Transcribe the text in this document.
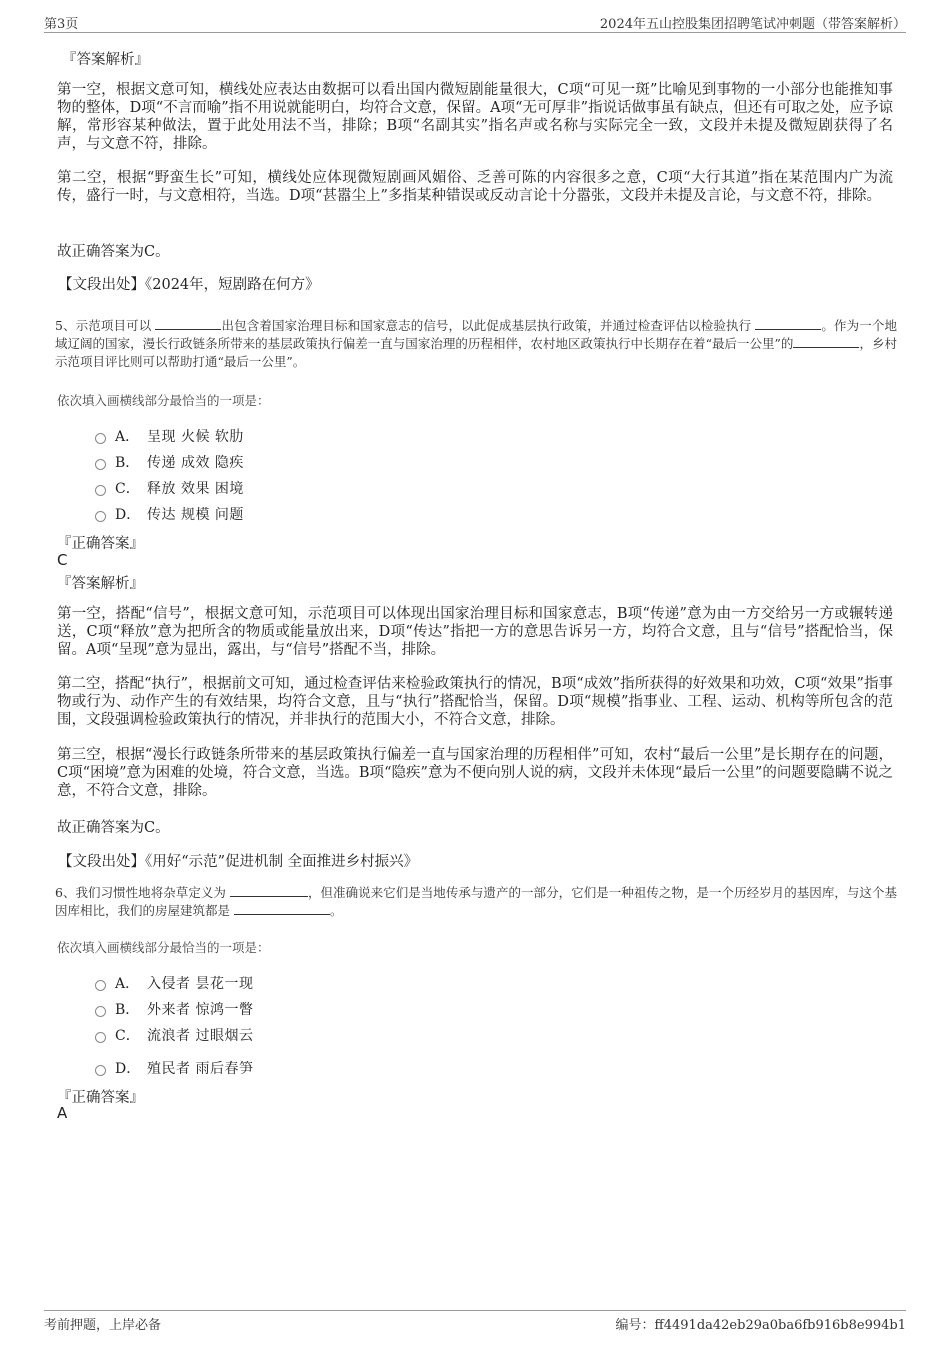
第3页	2024年五山控股集团招聘笔试冲刺题（带答案解析）
『答案解析』
第一空，根据文意可知，横线处应表达由数据可以看出国内微短剧能量很大，C项“可见一斑”比喻见到事物的一小部分也能推知事物的整体，D项“不言而喻”指不用说就能明白，均符合文意，保留。A项“无可厚非”指说话做事虽有缺点，但还有可取之处，应予谅解，常形容某种做法，置于此处用法不当，排除；B项“名副其实”指名声或名称与实际完全一致，文段并未提及微短剧获得了名声，与文意不符，排除。
第二空，根据“野蛮生长”可知，横线处应体现微短剧画风媚俗、乏善可陈的内容很多之意，C项“大行其道”指在某范围内广为流传，盛行一时，与文意相符，当选。D项“甚嚣尘上”多指某种错误或反动言论十分嚣张，文段并未提及言论，与文意不符，排除。
故正确答案为C。
【文段出处】《2024年，短剧路在何方》
5、示范项目可以	出包含着国家治理目标和国家意志的信号，以此促成基层执行政策，并通过检查评估以检验执行	。作为一个地域辽阔的国家，漫长行政链条所带来的基层政策执行偏差一直与国家治理的历程相伴，农村地区政策执行中长期存在着“最后一公里”的	，乡村示范项目评比则可以帮助打通“最后一公里”。
依次填入画横线部分最恰当的一项是：
A． 呈现 火候 软肋
B． 传递 成效 隐疾
C． 释放 效果 困境
D． 传达 规模 问题
『正确答案』
C
『答案解析』
第一空，搭配“信号”，根据文意可知，示范项目可以体现出国家治理目标和国家意志，B项“传递”意为由一方交给另一方或辗转递送，C项“释放”意为把所含的物质或能量放出来，D项“传达”指把一方的意思告诉另一方，均符合文意，且与“信号”搭配恰当，保留。A项“呈现”意为显出，露出，与“信号”搭配不当，排除。
第二空，搭配“执行”，根据前文可知，通过检查评估来检验政策执行的情况，B项“成效”指所获得的好效果和功效，C项“效果”指事物或行为、动作产生的有效结果，均符合文意，且与“执行”搭配恰当，保留。D项“规模”指事业、工程、运动、机构等所包含的范围，文段强调检验政策执行的情况，并非执行的范围大小，不符合文意，排除。
第三空，根据“漫长行政链条所带来的基层政策执行偏差一直与国家治理的历程相伴”可知，农村“最后一公里”是长期存在的问题，C项“困境”意为困难的处境，符合文意，当选。B项“隐疾”意为不便向别人说的病，文段并未体现“最后一公里”的问题要隐瞒不说之意，不符合文意，排除。
故正确答案为C。
【文段出处】《用好“示范”促进机制 全面推进乡村振兴》
6、我们习惯性地将杂草定义为	，但准确说来它们是当地传承与遗产的一部分，它们是一种祖传之物，是一个历经岁月的基因库，与这个基因库相比，我们的房屋建筑都是	。
依次填入画横线部分最恰当的一项是：
A． 入侵者 昙花一现
B． 外来者 惊鸿一瞥
C． 流浪者 过眼烟云
D． 殖民者 雨后春笋
『正确答案』
A
考前押题，上岸必备	编号：ff4491da42eb29a0ba6fb916b8e994b1
